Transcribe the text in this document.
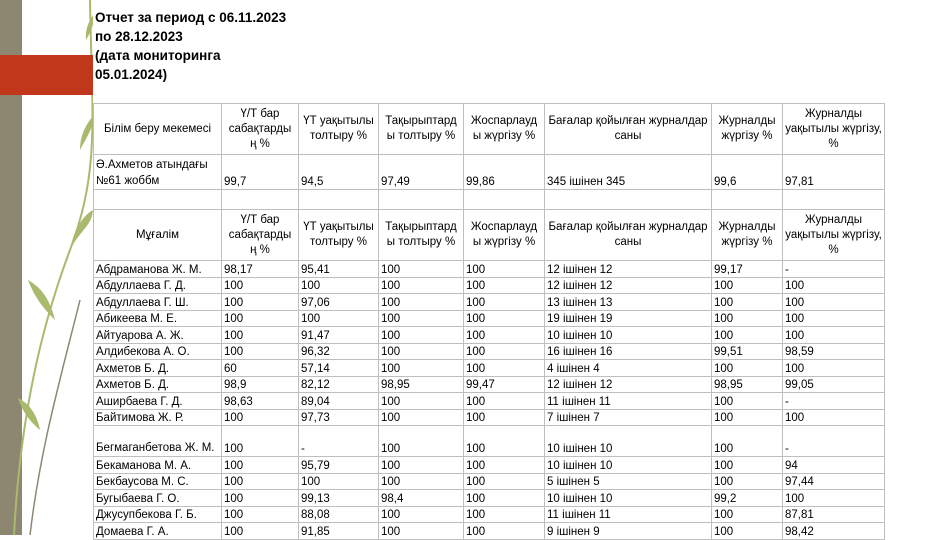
Отчет за период с 06.11.2023
по 28.12.2023
(дата мониторинга
05.01.2024)
Білім беру мекемесі	Ү/Т бар сабақтарды ң %	ҮТ уақытылы толтыру %	Тақырыптард ы толтыру %	Жоспарлауд ы жүргізу %	Бағалар қойылған журналдар саны	Журналды жүргізу %	Журналды уақытылы жүргізу, %
Ә.Ахметов атындағы №61 жоббм	99,7	94,5	97,49	99,86	345 ішінен 345	99,6	97,81

Мұғалім	Ү/Т бар сабақтарды ң %	ҮТ уақытылы толтыру %	Тақырыптард ы толтыру %	Жоспарлауд ы жүргізу %	Бағалар қойылған журналдар саны	Журналды жүргізу %	Журналды уақытылы жүргізу, %
Абдраманова Ж. М.	98,17	95,41	100	100	12 ішінен 12	99,17	-
Абдуллаева Г. Д.	100	100	100	100	12 ішінен 12	100	100
Абдуллаева Г. Ш.	100	97,06	100	100	13 ішінен 13	100	100
Абикеева М. Е.	100	100	100	100	19 ішінен 19	100	100
Айтуарова А. Ж.	100	91,47	100	100	10 ішінен 10	100	100
Алдибекова А. О.	100	96,32	100	100	16 ішінен 16	99,51	98,59
Ахметов Б. Д.	60	57,14	100	100	4 ішінен 4	100	100
Ахметов Б. Д.	98,9	82,12	98,95	99,47	12 ішінен 12	98,95	99,05
Аширбаева Г. Д.	98,63	89,04	100	100	11 ішінен 11	100	-
Байтимова Ж. Р.	100	97,73	100	100	7 ішінен 7	100	100
Бегмаганбетова Ж. М.	100	-	100	100	10 ішінен 10	100	-
Бекаманова М. А.	100	95,79	100	100	10 ішінен 10	100	94
Бекбаусова М. С.	100	100	100	100	5 ішінен 5	100	97,44
Бугыбаева Г. О.	100	99,13	98,4	100	10 ішінен 10	99,2	100
Джусупбекова Г. Б.	100	88,08	100	100	11 ішінен 11	100	87,81
Домаева Г. А.	100	91,85	100	100	9 ішінен 9	100	98,42
